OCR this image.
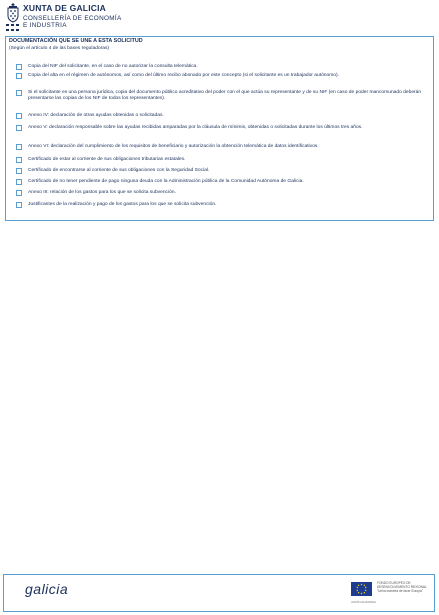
XUNTA DE GALICIA
CONSELLERÍA DE ECONOMÍA
E INDUSTRIA
DOCUMENTACIÓN QUE SE UNE A ESTA SOLICITUD
(Según el artículo 4 de las bases reguladoras)
Copia del NIF del solicitante, en el caso de no autorizar la consulta telemática.
Copia del alta en el régimen de autónomos, así como del último recibo abonado por este concepto (si el solicitante es un trabajador autónomo).
Si el solicitante es una persona jurídica, copia del documento público acreditativo del poder con el que actúa su representante y de su NIF (en caso de poder mancomunado deberán presentarse las copias de los NIF de todos los representantes).
Anexo IV: declaración de otras ayudas obtenidas o solicitadas.
Anexo V: declaración responsable sobre las ayudas recibidas amparadas por la cláusula de mínimis, obtenidas o solicitadas durante los últimos tres años.
Anexo VI: declaración del cumplimiento de los requisitos de beneficiario y autorización la obtención telemática de datos identificativos.
Certificado de estar al corriente de sus obligaciones tributarias estatales.
Certificado de encontrarse al corriente de sus obligaciones con la Seguridad Social.
Certificado de no tener pendiente de pago ninguna deuda con la Administración pública de la Comunidad Autónoma de Galicia.
Anexo III: relación de los gastos para los que se solicita subvención.
Justificantes de la realización y pago de los gastos para los que se solicita subvención.
galicia	FONDO EUROPEO DE DESENVOLVEMENTO REXIONAL
"Unha maneira de facer Europa"
UNIÓN EUROPEA
